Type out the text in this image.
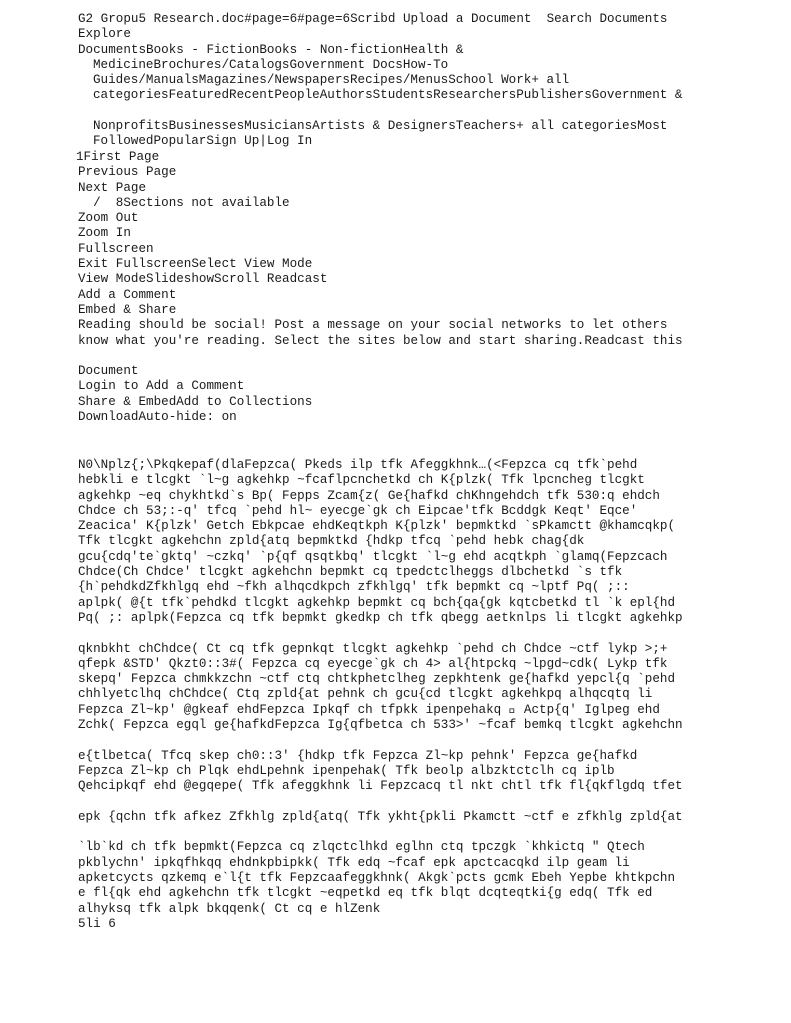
G2 Gropu5 Research.doc#page=6#page=6Scribd Upload a Document  Search Documents
Explore
DocumentsBooks - FictionBooks - Non-fictionHealth &
MedicineBrochures/CatalogsGovernment DocsHow-To
Guides/ManualsMagazines/NewspapersRecipes/MenusSchool Work+ all
categoriesFeaturedRecentPeopleAuthorsStudentsResearchersPublishersGovernment &
NonprofitsBusinessesMusiciansArtists & DesignersTeachers+ all categoriesMost
FollowedPopularSign Up|Log In
1First Page
Previous Page
Next Page
/  8Sections not available
Zoom Out
Zoom In
Fullscreen
Exit FullscreenSelect View Mode
View ModeSlideshowScroll Readcast
Add a Comment
Embed & Share
Reading should be social! Post a message on your social networks to let others
know what you're reading. Select the sites below and start sharing.Readcast this
Document
Login to Add a Comment
Share & EmbedAdd to Collections
DownloadAuto-hide: on
N0\Nplz{;\Pkqkepaf(dlaFepzca( Pkeds ilp tfk Afeggkhnk…(<Fepzca cq tfk`pehd
hebkli e tlcgkt `l~g agkehkp ~fcaflpcnchetkd ch K{plzk( Tfk lpcncheg tlcgkt
agkehkp ~eq chykhtkd`s Bp( Fepps Zcam{z( Ge{hafkd chKhngehdch tfk 530:q ehdch
Chdce ch 53;:-q' tfcq `pehd hl~ eyecge`gk ch Eipcae'tfk Bcddgk Keqt' Eqce'
Zeacica' K{plzk' Getch Ebkpcae ehdKeqtkph K{plzk' bepmktkd `sPkamctt @khamcqkp(
Tfk tlcgkt agkehchn zpld{atq bepmktkd {hdkp tfcq `pehd hebk chag{dk
gcu{cdq'te`gktq' ~czkq' `p{qf qsqtkbq' tlcgkt `l~g ehd acqtkph `glamq(Fepzcach
Chdce(Ch Chdce' tlcgkt agkehchn bepmkt cq tpedctclheggs dlbchetkd `s tfk
{h`pehdkdZfkhlgq ehd ~fkh alhqcdkpch zfkhlgq' tfk bepmkt cq ~lptf Pq( ;::
aplpk( @{t tfk`pehdkd tlcgkt agkehkp bepmkt cq bch{qa{gk kqtcbetkd tl `k epl{hd
Pq( ;: aplpk(Fepzca cq tfk bepmkt gkedkp ch tfk qbegg aetknlps li tlcgkt agkehkp
qknbkht chChdce( Ct cq tfk gepnkqt tlcgkt agkehkp `pehd ch Chdce ~ctf lykp >;+
qfepk &STD' Qkzt0::3#( Fepzca cq eyecge`gk ch 4> al{htpckq ~lpgd~cdk( Lykp tfk
skepq' Fepzca chmkkzchn ~ctf ctq chtkphetclheg zepkhtenk ge{hafkd yepcl{q `pehd
chhlyetclhq chChdce( Ctq zpld{at pehnk ch gcu{cd tlcgkt agkehkpq alhqcqtq li
Fepzca Zl~kp' @gkeaf ehdFepzca Ipkqf ch tfpkk ipenpehakq   Actp{q' Iglpeg ehd
Zchk( Fepzca egql ge{hafkdFepzca Ig{qfbetca ch 533>' ~fcaf bemkq tlcgkt agkehchn
e{tlbetca( Tfcq skep ch0::3' {hdkp tfk Fepzca Zl~kp pehnk' Fepzca ge{hafkd
Fepzca Zl~kp ch Plqk ehdLpehnk ipenpehak( Tfk beolp albzktctclh cq iplb
Qehcipkqf ehd @egqepe( Tfk afeggkhnk li Fepzcacq tl nkt chtl tfk fl{qkflgdq tfet
epk {qchn tfk afkez Zfkhlg zpld{atq( Tfk ykht{pkli Pkamctt ~ctf e zfkhlg zpld{at
`lb`kd ch tfk bepmkt(Fepzca cq zlqctclhkd eglhn ctq tpczgk `khkictq " Qtech
pkblychn' ipkqfhkqq ehdnkpbipkk( Tfk edq ~fcaf epk apctcacqkd ilp geam li
apketcycts qzkemq e`l{t tfk Fepzcaafeggkhnk( Akgk`pcts gcmk Ebeh Yepbe khtkpchn
e fl{qk ehd agkehchn tfk tlcgkt ~eqpetkd eq tfk blqt dcqteqtki{g edq( Tfk ed
alhyksq tfk alpk bkqqenk( Ct cq e hlZenk
5li 6
